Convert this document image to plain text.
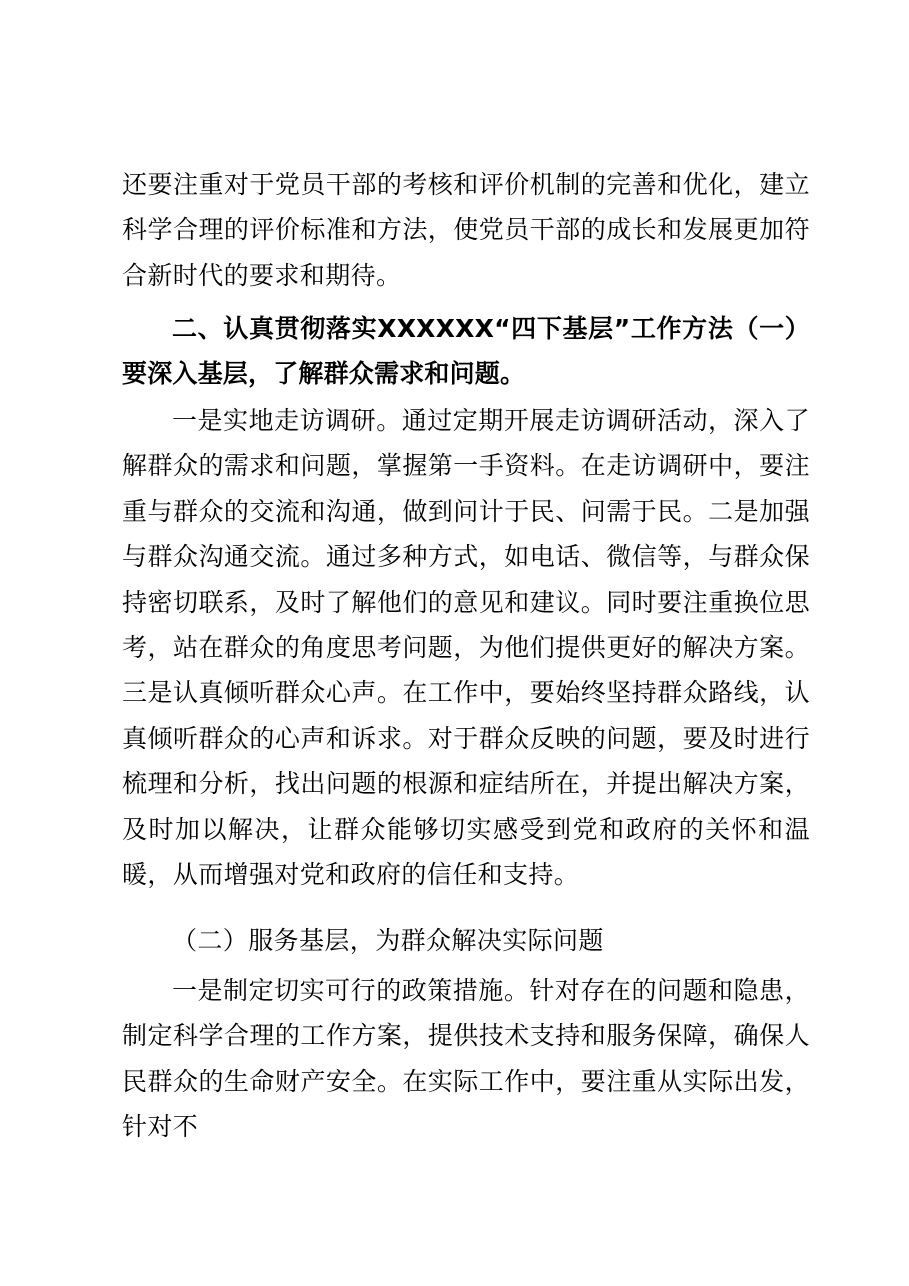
还要注重对于党员干部的考核和评价机制的完善和优化，建立科学合理的评价标准和方法，使党员干部的成长和发展更加符合新时代的要求和期待。

二、认真贯彻落实XXXXXX“四下基层”工作方法（一）要深入基层，了解群众需求和问题。

一是实地走访调研。通过定期开展走访调研活动，深入了解群众的需求和问题，掌握第一手资料。在走访调研中，要注重与群众的交流和沟通，做到问计于民、问需于民。二是加强与群众沟通交流。通过多种方式，如电话、微信等，与群众保持密切联系，及时了解他们的意见和建议。同时要注重换位思考，站在群众的角度思考问题，为他们提供更好的解决方案。三是认真倾听群众心声。在工作中，要始终坚持群众路线，认真倾听群众的心声和诉求。对于群众反映的问题，要及时进行梳理和分析，找出问题的根源和症结所在，并提出解决方案，及时加以解决，让群众能够切实感受到党和政府的关怀和温暖，从而增强对党和政府的信任和支持。

（二）服务基层，为群众解决实际问题

一是制定切实可行的政策措施。针对存在的问题和隐患，制定科学合理的工作方案，提供技术支持和服务保障，确保人民群众的生命财产安全。在实际工作中，要注重从实际出发，针对不
